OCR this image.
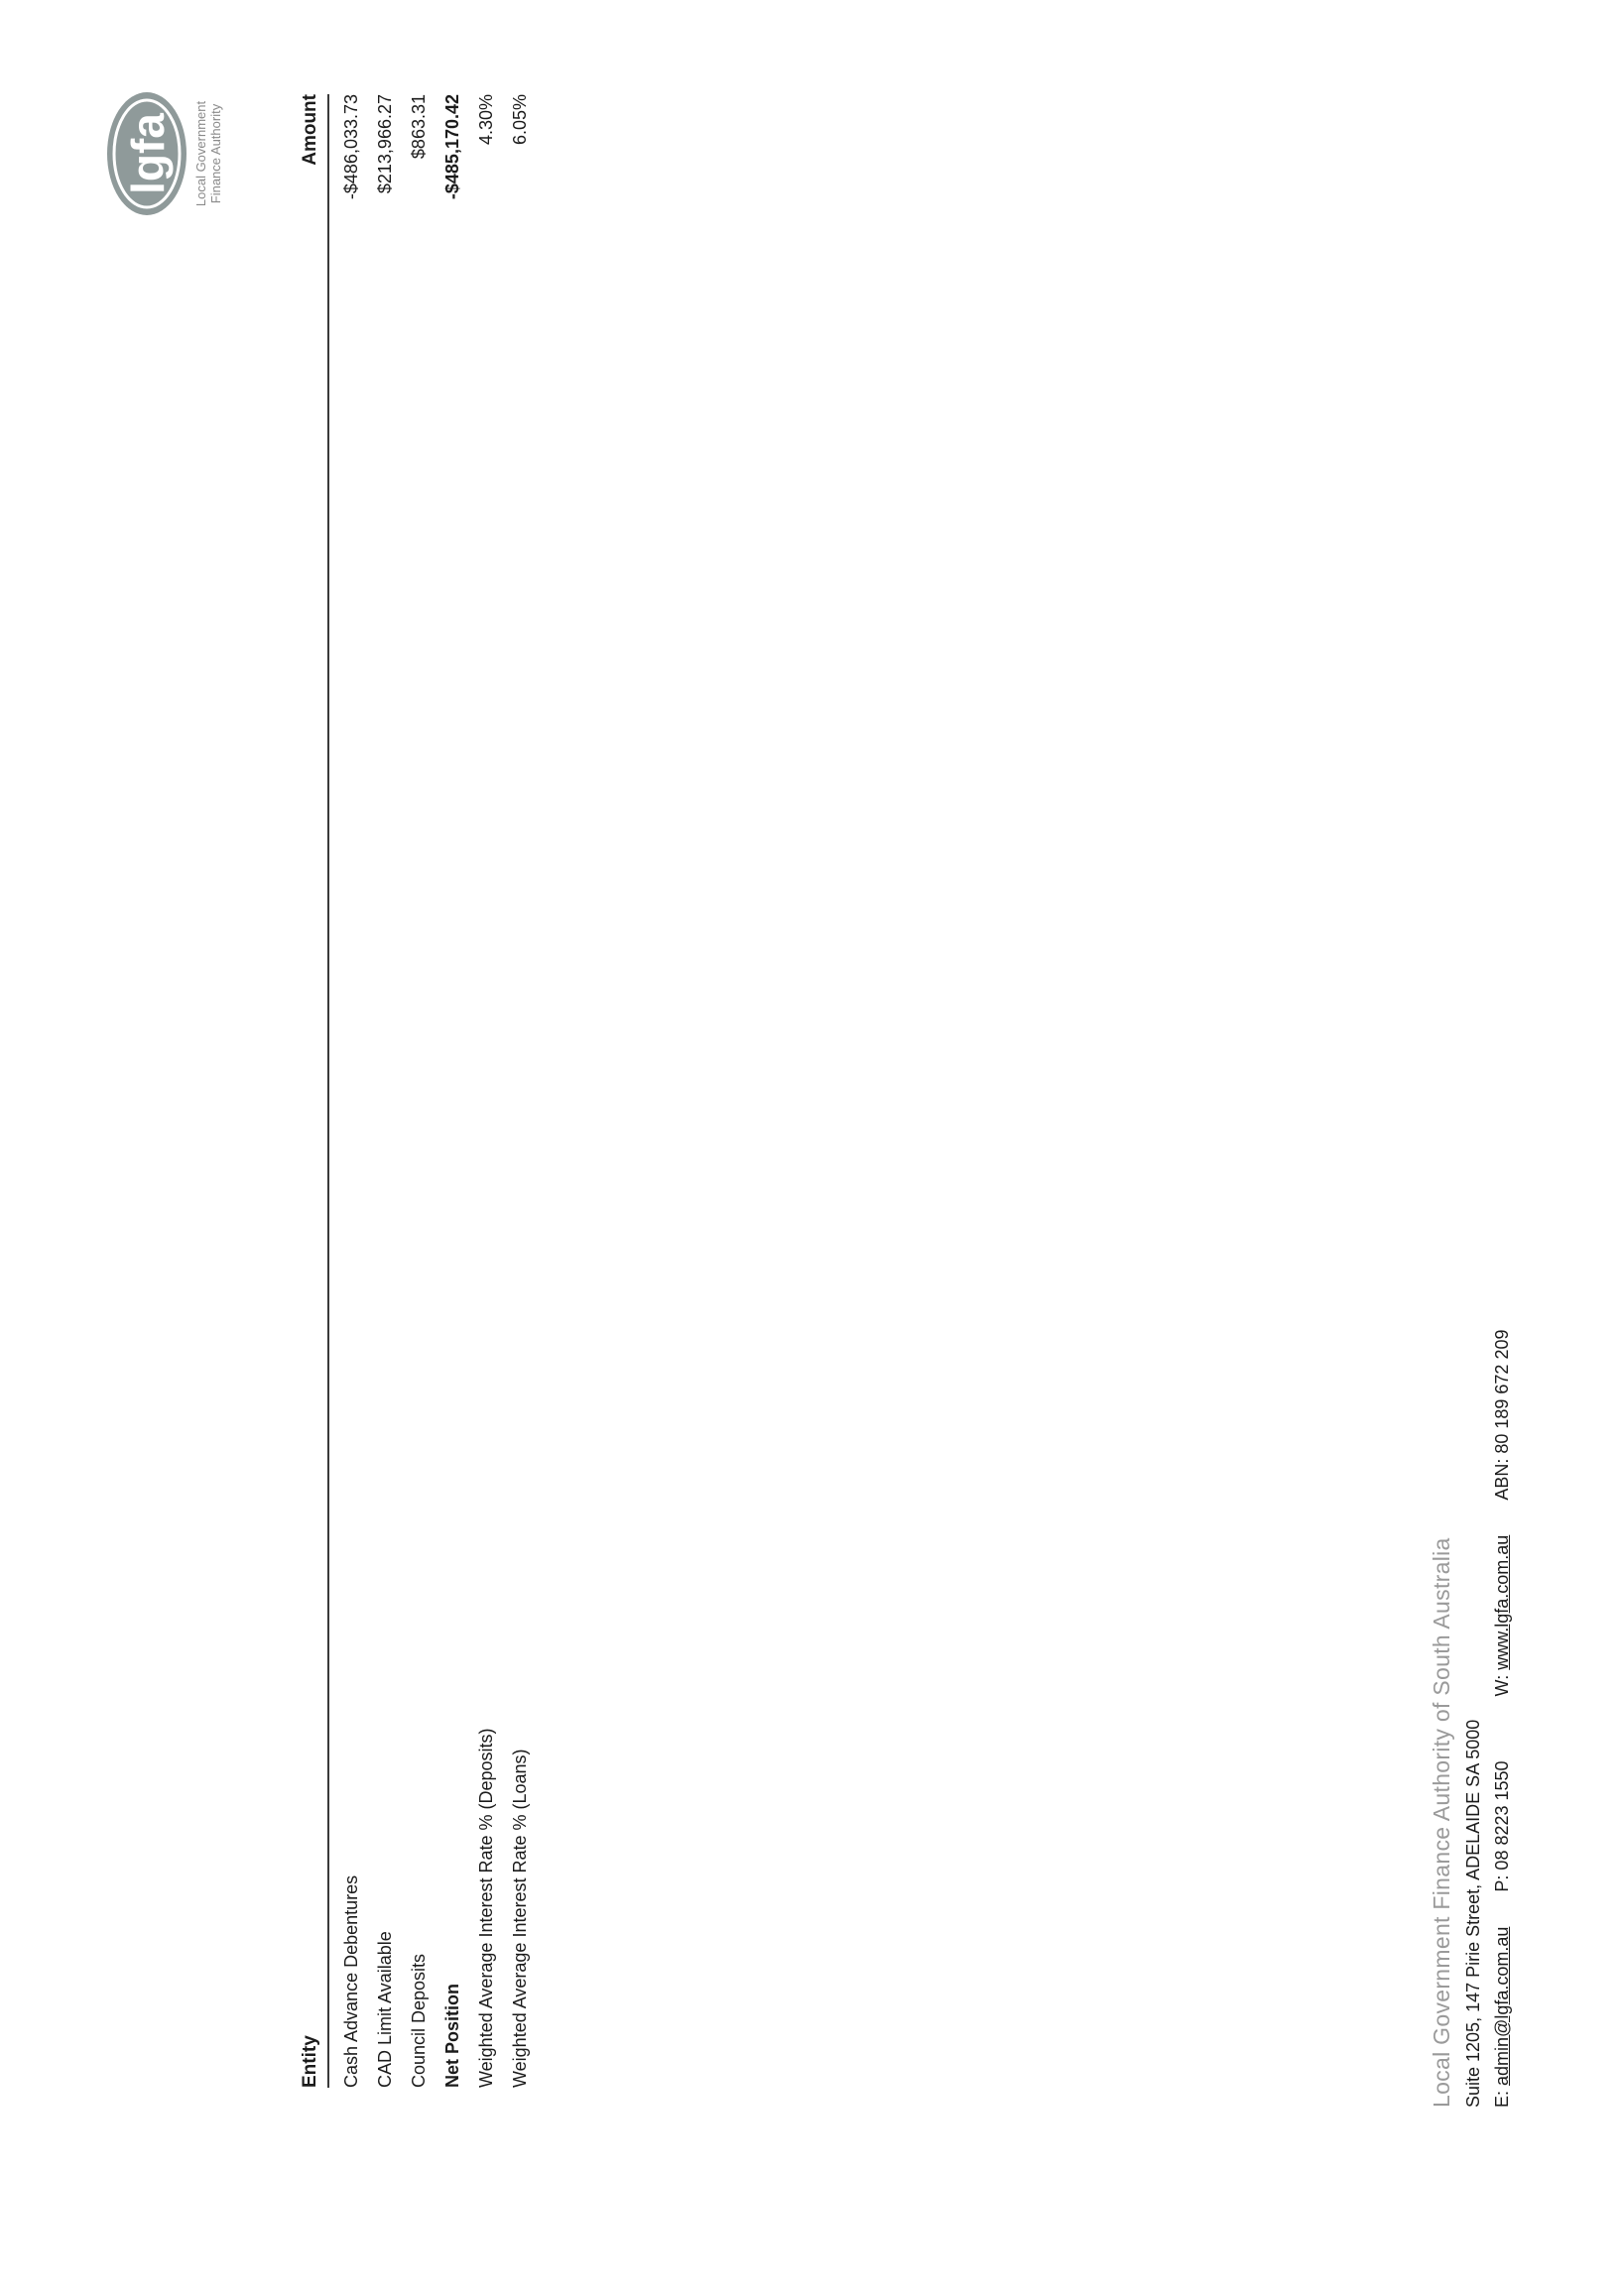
lgfa Local Government Finance Authority
Entity
Amount
Cash Advance Debentures
-$486,033.73
CAD Limit Available
$213,966.27
Council Deposits
$863.31
Net Position
-$485,170.42
Weighted Average Interest Rate % (Deposits)
4.30%
Weighted Average Interest Rate % (Loans)
6.05%
Local Government Finance Authority of South Australia Suite 1205, 147 Pirie Street, ADELAIDE SA 5000 E: admin@lgfa.com.au P: 08 8223 1550 W: www.lgfa.com.au ABN: 80 189 672 209
